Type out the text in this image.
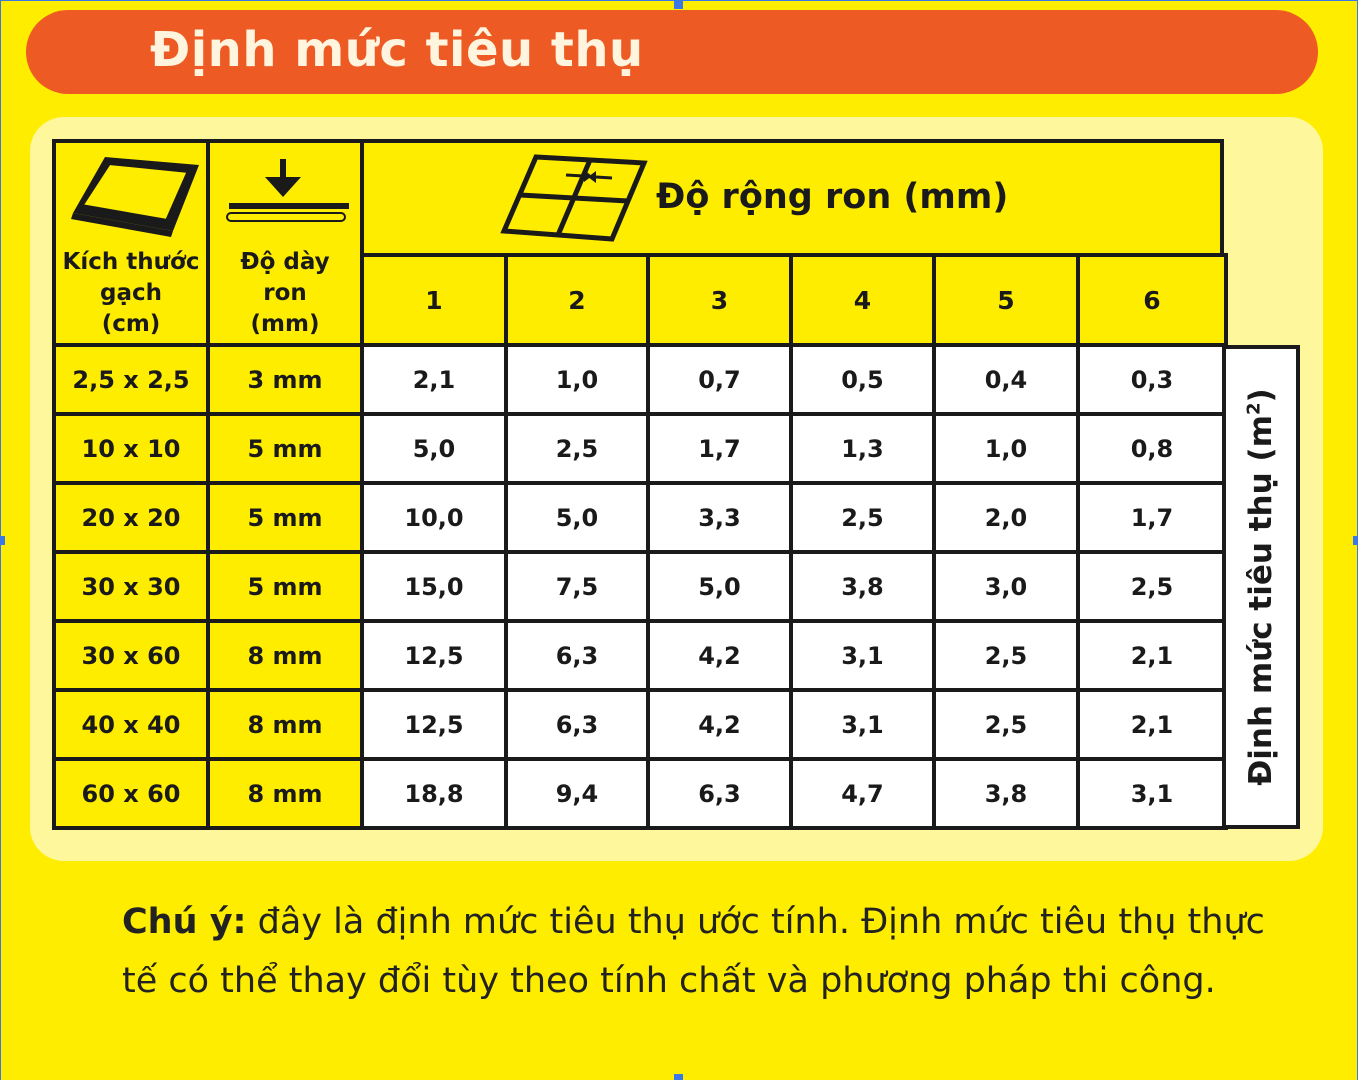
Định mức tiêu thụ
Kích thước
gạch
(cm)
Độ dày
ron
(mm)
Độ rộng ron (mm)
1	2	3	4	5	6
2,5 x 2,5	3 mm	2,1	1,0	0,7	0,5	0,4	0,3
10 x 10	5 mm	5,0	2,5	1,7	1,3	1,0	0,8
20 x 20	5 mm	10,0	5,0	3,3	2,5	2,0	1,7
30 x 30	5 mm	15,0	7,5	5,0	3,8	3,0	2,5
30 x 60	8 mm	12,5	6,3	4,2	3,1	2,5	2,1
40 x 40	8 mm	12,5	6,3	4,2	3,1	2,5	2,1
60 x 60	8 mm	18,8	9,4	6,3	4,7	3,8	3,1
Định mức tiêu thụ $(m^2)$
Chú ý: đây là định mức tiêu thụ ước tính. Định mức tiêu thụ thực tế có thể thay đổi tùy theo tính chất và phương pháp thi công.
